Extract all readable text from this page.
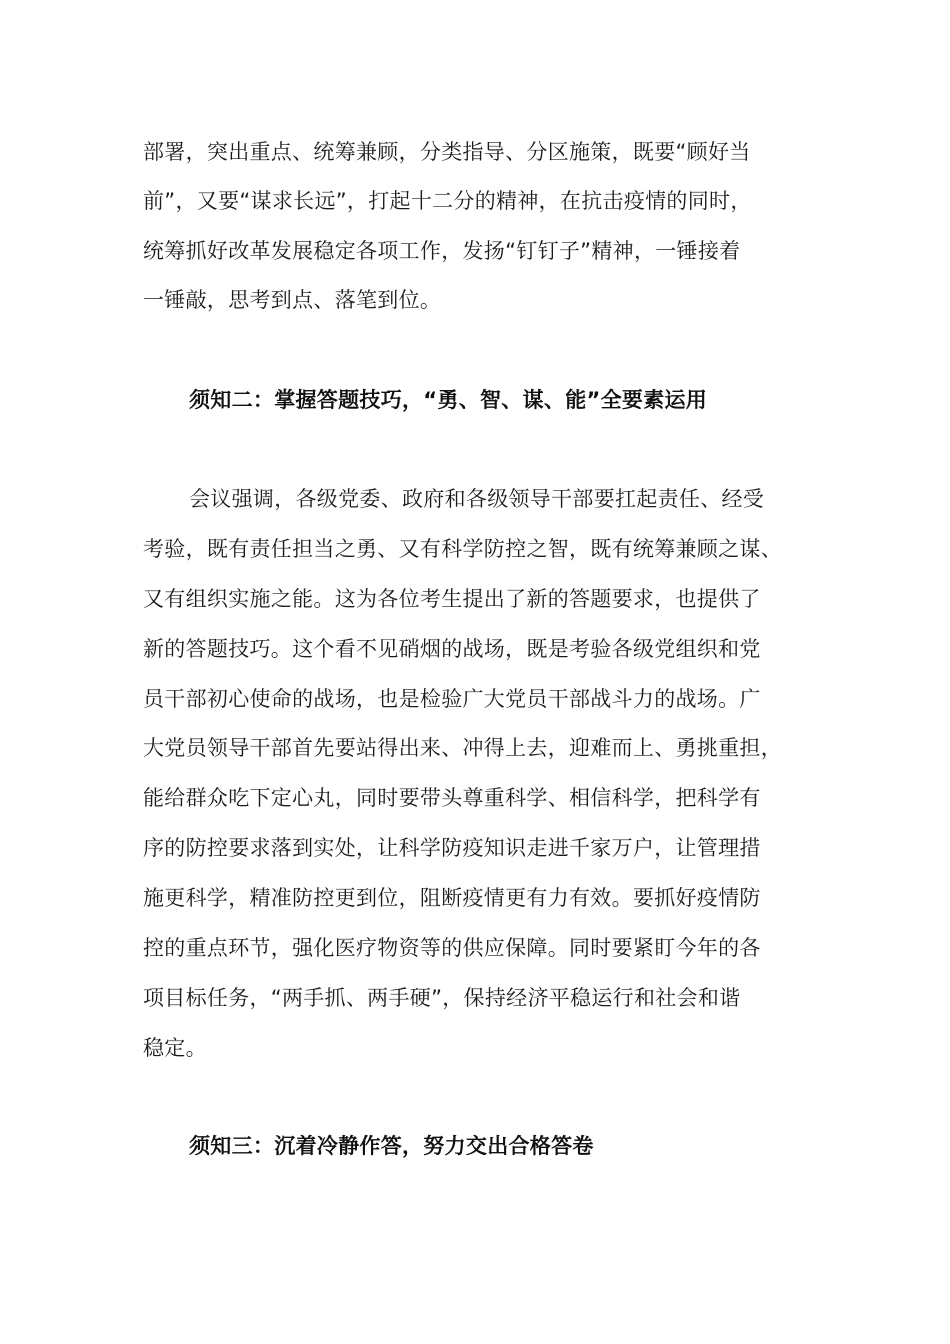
部署，突出重点、统筹兼顾，分类指导、分区施策，既要“顾好当
前”，又要“谋求长远”，打起十二分的精神，在抗击疫情的同时，
统筹抓好改革发展稳定各项工作，发扬“钉钉子”精神，一锤接着
一锤敲，思考到点、落笔到位。
须知二：掌握答题技巧，“勇、智、谋、能”全要素运用
会议强调，各级党委、政府和各级领导干部要扛起责任、经受
考验，既有责任担当之勇、又有科学防控之智，既有统筹兼顾之谋、
又有组织实施之能。这为各位考生提出了新的答题要求，也提供了
新的答题技巧。这个看不见硝烟的战场，既是考验各级党组织和党
员干部初心使命的战场，也是检验广大党员干部战斗力的战场。广
大党员领导干部首先要站得出来、冲得上去，迎难而上、勇挑重担，
能给群众吃下定心丸，同时要带头尊重科学、相信科学，把科学有
序的防控要求落到实处，让科学防疫知识走进千家万户，让管理措
施更科学，精准防控更到位，阻断疫情更有力有效。要抓好疫情防
控的重点环节，强化医疗物资等的供应保障。同时要紧盯今年的各
项目标任务，“两手抓、两手硬”，保持经济平稳运行和社会和谐
稳定。
须知三：沉着冷静作答，努力交出合格答卷
